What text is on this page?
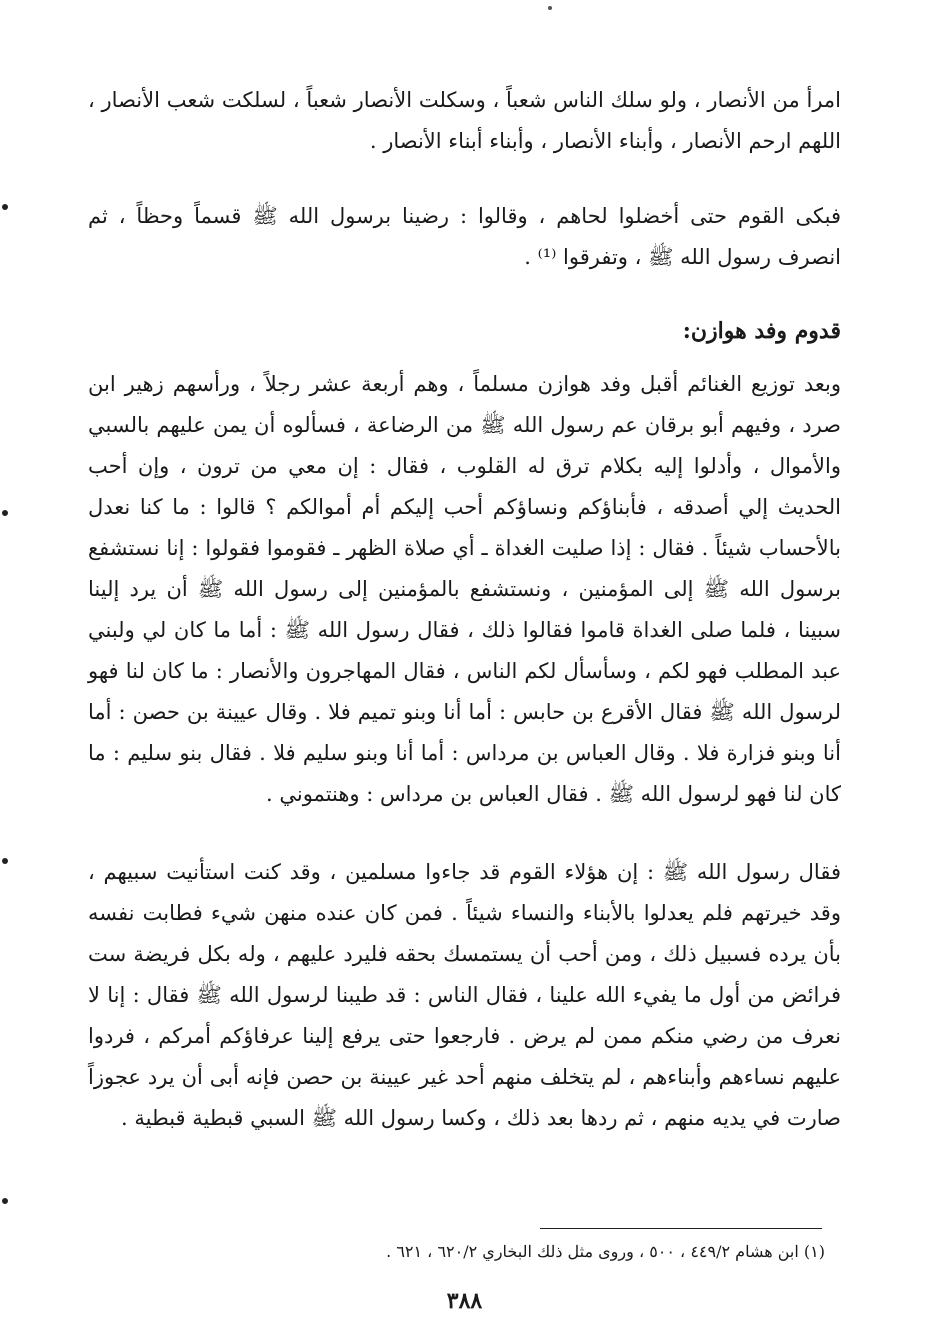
امرأ من الأنصار ، ولو سلك الناس شعباً ، وسكلت الأنصار شعباً ، لسلكت شعب الأنصار ، اللهم ارحم الأنصار ، وأبناء الأنصار ، وأبناء أبناء الأنصار .

فبكى القوم حتى أخضلوا لحاهم ، وقالوا : رضينا برسول الله ﷺ قسماً وحظاً ، ثم انصرف رسول الله ﷺ ، وتفرقوا ⁽¹⁾ .

قدوم وفد هوازن:

وبعد توزيع الغنائم أقبل وفد هوازن مسلماً ، وهم أربعة عشر رجلاً ، ورأسهم زهير ابن صرد ، وفيهم أبو برقان عم رسول الله ﷺ من الرضاعة ، فسألوه أن يمن عليهم بالسبي والأموال ، وأدلوا إليه بكلام ترق له القلوب ، فقال : إن معي من ترون ، وإن أحب الحديث إلي أصدقه ، فأبناؤكم ونساؤكم أحب إليكم أم أموالكم ؟ قالوا : ما كنا نعدل بالأحساب شيئاً . فقال : إذا صليت الغداة ـ أي صلاة الظهر ـ فقوموا فقولوا : إنا نستشفع برسول الله ﷺ إلى المؤمنين ، ونستشفع بالمؤمنين إلى رسول الله ﷺ أن يرد إلينا سبينا ، فلما صلى الغداة قاموا فقالوا ذلك ، فقال رسول الله ﷺ : أما ما كان لي ولبني عبد المطلب فهو لكم ، وسأسأل لكم الناس ، فقال المهاجرون والأنصار : ما كان لنا فهو لرسول الله ﷺ فقال الأقرع بن حابس : أما أنا وبنو تميم فلا . وقال عيينة بن حصن : أما أنا وبنو فزارة فلا . وقال العباس بن مرداس : أما أنا وبنو سليم فلا . فقال بنو سليم : ما كان لنا فهو لرسول الله ﷺ . فقال العباس بن مرداس : وهنتموني .

فقال رسول الله ﷺ : إن هؤلاء القوم قد جاءوا مسلمين ، وقد كنت استأنيت سبيهم ، وقد خيرتهم فلم يعدلوا بالأبناء والنساء شيئاً . فمن كان عنده منهن شيء فطابت نفسه بأن يرده فسبيل ذلك ، ومن أحب أن يستمسك بحقه فليرد عليهم ، وله بكل فريضة ست فرائض من أول ما يفيء الله علينا ، فقال الناس : قد طيبنا لرسول الله ﷺ فقال : إنا لا نعرف من رضي منكم ممن لم يرض . فارجعوا حتى يرفع إلينا عرفاؤكم أمركم ، فردوا عليهم نساءهم وأبناءهم ، لم يتخلف منهم أحد غير عيينة بن حصن فإنه أبى أن يرد عجوزاً صارت في يديه منهم ، ثم ردها بعد ذلك ، وكسا رسول الله ﷺ السبي قبطية قبطية .

(١) ابن هشام ٤٤٩/٢ ، ٥٠٠ ، وروى مثل ذلك البخاري ٦٢٠/٢ ، ٦٢١ .

٣٨٨
